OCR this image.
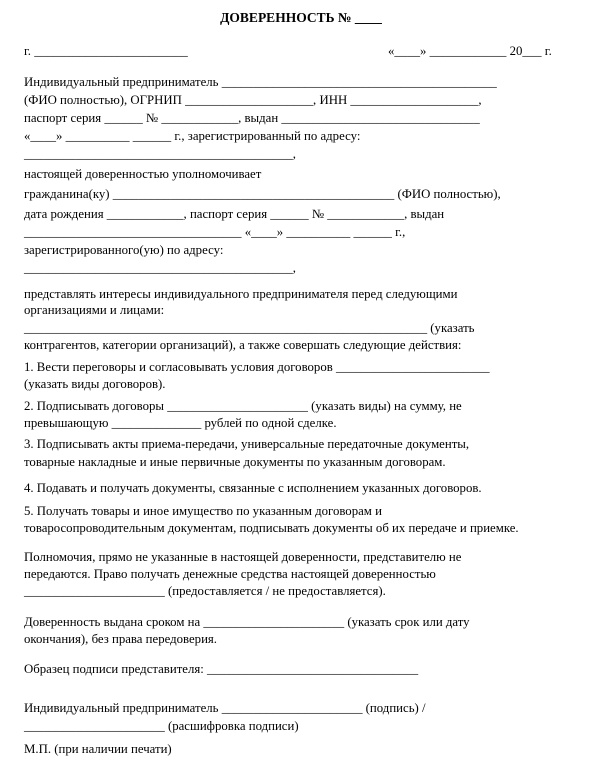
ДОВЕРЕННОСТЬ № ____
г. ________________________	«____» ____________ 20___ г.
Индивидуальный предприниматель ___________________________________________
(ФИО полностью), ОГРНИП ____________________, ИНН ____________________,
паспорт серия ______ № ____________, выдан _______________________________
«____» __________ ______ г., зарегистрированный по адресу:
__________________________________________,
настоящей доверенностью уполномочивает
гражданина(ку) ____________________________________________ (ФИО полностью),
дата рождения ____________, паспорт серия ______ № ____________, выдан
__________________________________ «____» __________ ______ г.,
зарегистрированного(ую) по адресу:
__________________________________________,
представлять интересы индивидуального предпринимателя перед следующими
организациями и лицами:
_______________________________________________________________ (указать
контрагентов, категории организаций), а также совершать следующие действия:
1. Вести переговоры и согласовывать условия договоров ________________________
(указать виды договоров).
2. Подписывать договоры ______________________ (указать виды) на сумму, не
превышающую ______________ рублей по одной сделке.
3. Подписывать акты приема-передачи, универсальные передаточные документы,
товарные накладные и иные первичные документы по указанным договорам.
4. Подавать и получать документы, связанные с исполнением указанных договоров.
5. Получать товары и иное имущество по указанным договорам и
товаросопроводительным документам, подписывать документы об их передаче и приемке.
Полномочия, прямо не указанные в настоящей доверенности, представителю не
передаются. Право получать денежные средства настоящей доверенностью
______________________ (предоставляется / не предоставляется).
Доверенность выдана сроком на ______________________ (указать срок или дату
окончания), без права передоверия.
Образец подписи представителя: _________________________________
Индивидуальный предприниматель ______________________ (подпись) /
______________________ (расшифровка подписи)
М.П. (при наличии печати)
